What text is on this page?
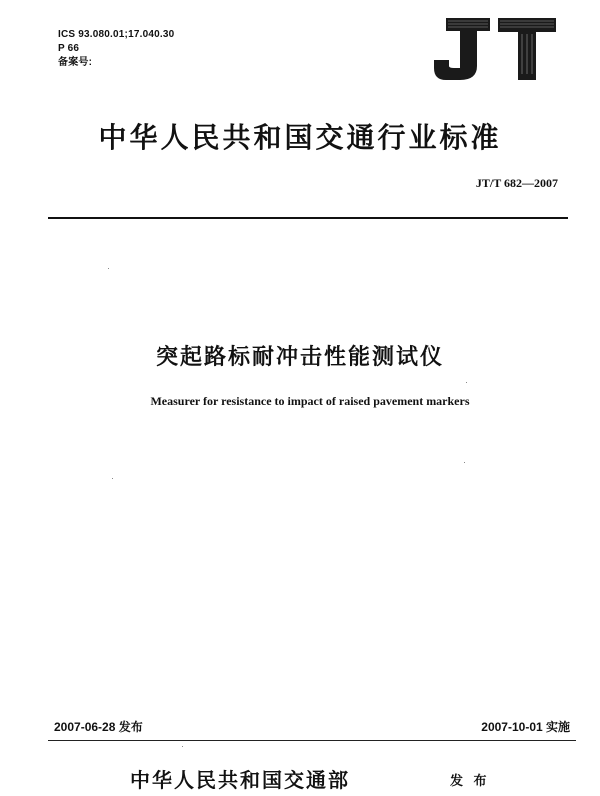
ICS 93.080.01;17.040.30
P 66
备案号:
中华人民共和国交通行业标准
JT/T 682—2007
突起路标耐冲击性能测试仪
Measurer for resistance to impact of raised pavement markers
2007-06-28 发布	2007-10-01 实施
中华人民共和国交通部	发 布
